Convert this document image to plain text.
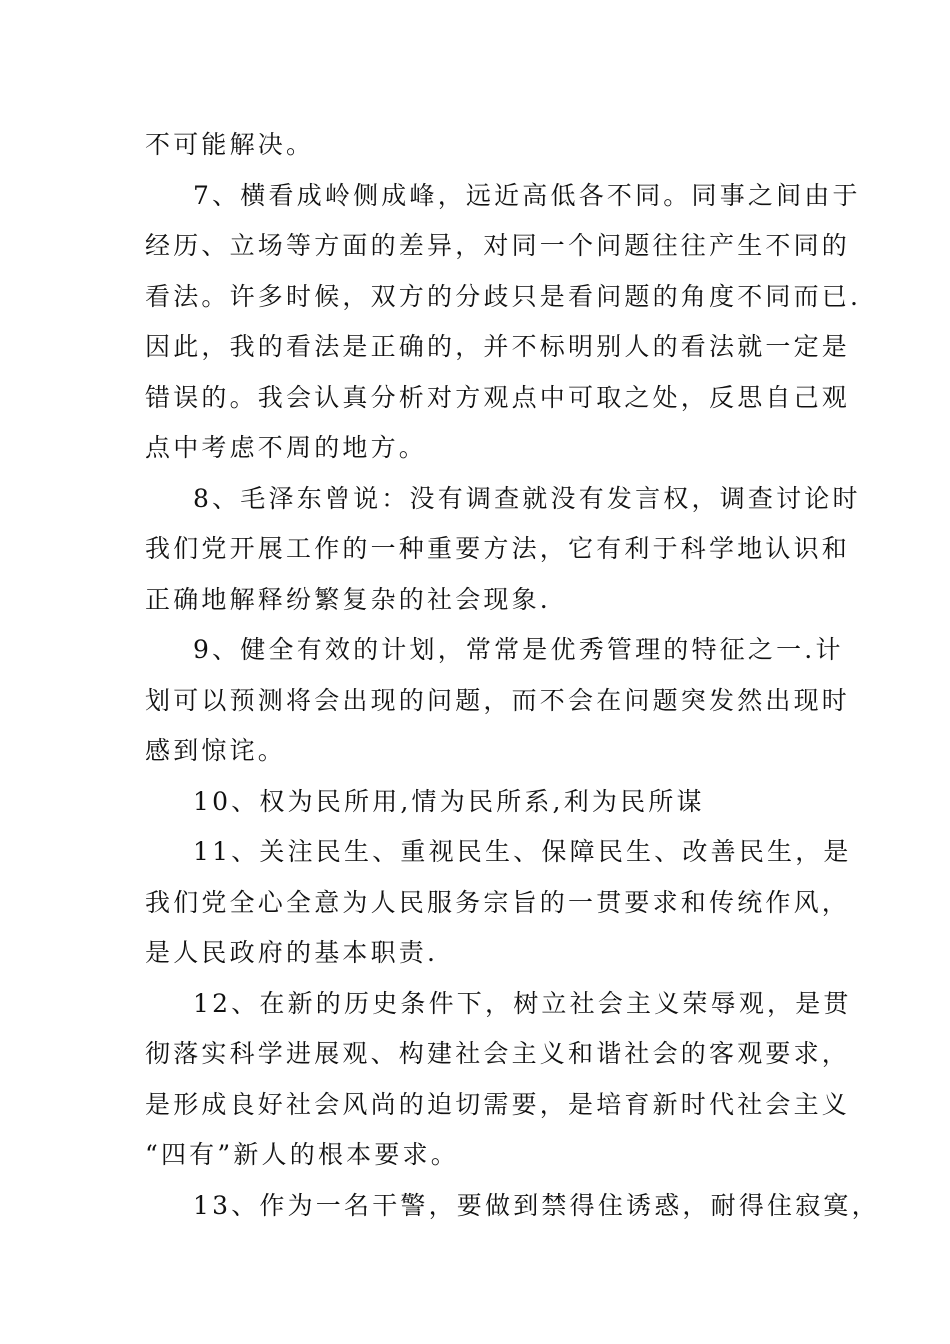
不可能解决。
7、横看成岭侧成峰，远近高低各不同。同事之间由于
经历、立场等方面的差异，对同一个问题往往产生不同的
看法。许多时候，双方的分歧只是看问题的角度不同而已.
因此，我的看法是正确的，并不标明别人的看法就一定是
错误的。我会认真分析对方观点中可取之处，反思自己观
点中考虑不周的地方。
8、毛泽东曾说：没有调查就没有发言权，调查讨论时
我们党开展工作的一种重要方法，它有利于科学地认识和
正确地解释纷繁复杂的社会现象.
9、健全有效的计划，常常是优秀管理的特征之一.计
划可以预测将会出现的问题，而不会在问题突发然出现时
感到惊诧。
10、权为民所用,情为民所系,利为民所谋
11、关注民生、重视民生、保障民生、改善民生，是
我们党全心全意为人民服务宗旨的一贯要求和传统作风，
是人民政府的基本职责.
12、在新的历史条件下，树立社会主义荣辱观，是贯
彻落实科学进展观、构建社会主义和谐社会的客观要求，
是形成良好社会风尚的迫切需要，是培育新时代社会主义
“四有”新人的根本要求。
13、作为一名干警，要做到禁得住诱惑，耐得住寂寞，
